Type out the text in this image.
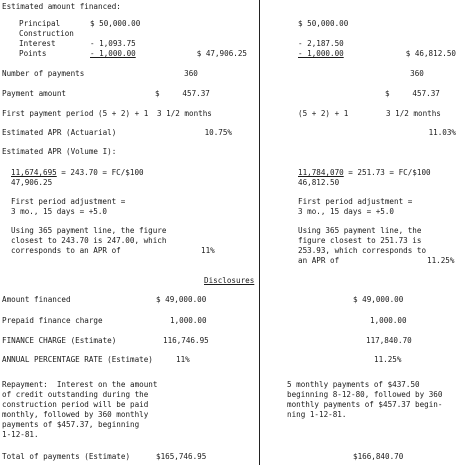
Estimated amount financed:
Principal	$ 50,000.00
Construction
Interest	- 1,093.75
Points	- 1,000.00	$ 47,906.25
Number of payments	360
Payment amount	$     457.37
First payment period (5 + 2) + 1 3 1/2 months
Estimated APR (Actuarial)	10.75%
Estimated APR (Volume I):
11,674,695 = 243.70 = FC/$100
47,906.25
First period adjustment =
3 mo., 15 days = +5.0
Using 365 payment line, the figure
closest to 243.70 is 247.00, which
corresponds to an APR of	11%
$ 50,000.00
- 2,187.50
- 1,000.00	$ 46,812.50
360
$     457.37
(5 + 2) + 1	3 1/2 months
11.03%
11,784,070 = 251.73 = FC/$100
46,812.50
First period adjustment =
3 mo., 15 days = +5.0
Using 365 payment line, the
figure closest to 251.73 is
253.93, which corresponds to
an APR of	11.25%
Disclosures
Amount financed	$ 49,000.00	$ 49,000.00
Prepaid finance charge	1,000.00	1,000.00
FINANCE CHARGE (Estimate)	116,746.95	117,840.70
ANNUAL PERCENTAGE RATE (Estimate)	11%	11.25%
Repayment:  Interest on the amount
of credit outstanding during the
construction period will be paid
monthly, followed by 360 monthly
payments of $457.37, beginning
1-12-81.
5 monthly payments of $437.50
beginning 8-12-80, followed by 360
monthly payments of $457.37 begin-
ning 1-12-81.
Total of payments (Estimate)	$165,746.95	$166,840.70
